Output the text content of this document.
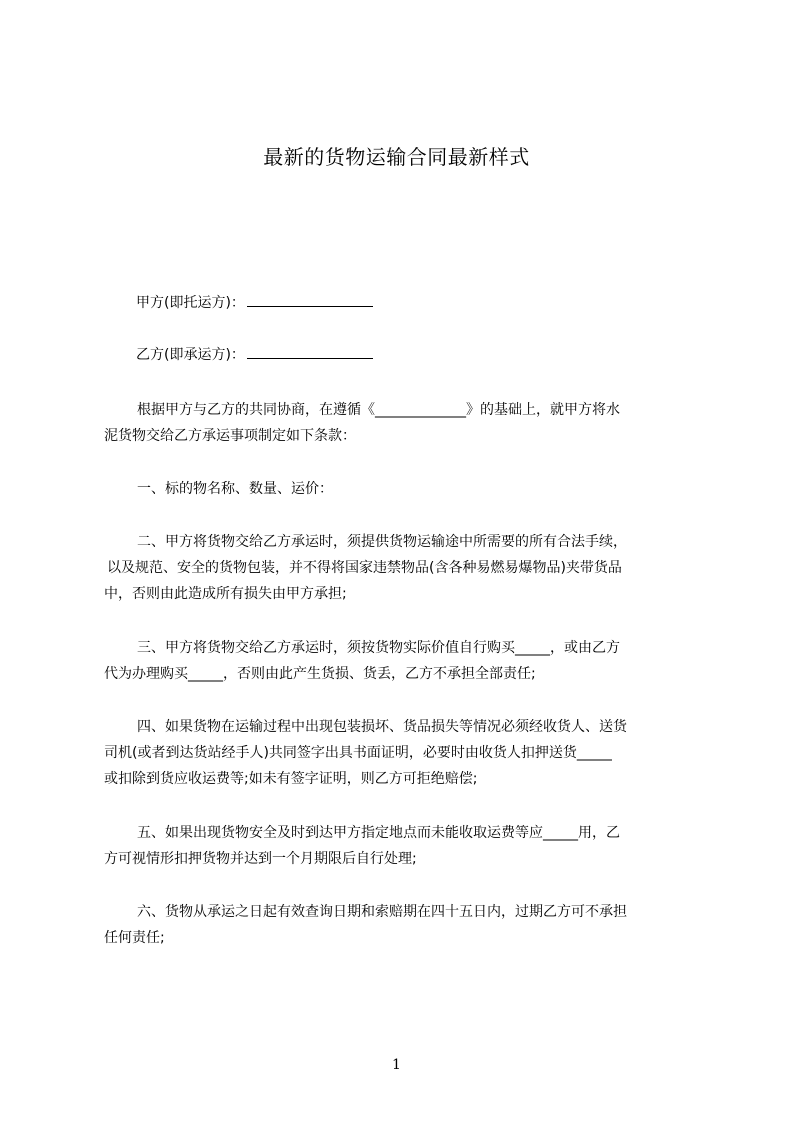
最新的货物运输合同最新样式
甲方(即托运方)：
乙方(即承运方)：
根据甲方与乙方的共同协商，在遵循《_____________》的基础上，就甲方将水
泥货物交给乙方承运事项制定如下条款：
一、标的物名称、数量、运价：
二、甲方将货物交给乙方承运时，须提供货物运输途中所需要的所有合法手续，
以及规范、安全的货物包装，并不得将国家违禁物品(含各种易燃易爆物品)夹带货品
中，否则由此造成所有损失由甲方承担;
三、甲方将货物交给乙方承运时，须按货物实际价值自行购买_____，或由乙方
代为办理购买_____，否则由此产生货损、货丢，乙方不承担全部责任;
四、如果货物在运输过程中出现包装损坏、货品损失等情况必须经收货人、送货
司机(或者到达货站经手人)共同签字出具书面证明，必要时由收货人扣押送货_____
或扣除到货应收运费等;如未有签字证明，则乙方可拒绝赔偿;
五、如果出现货物安全及时到达甲方指定地点而未能收取运费等应_____用，乙
方可视情形扣押货物并达到一个月期限后自行处理;
六、货物从承运之日起有效查询日期和索赔期在四十五日内，过期乙方可不承担
任何责任;
1
